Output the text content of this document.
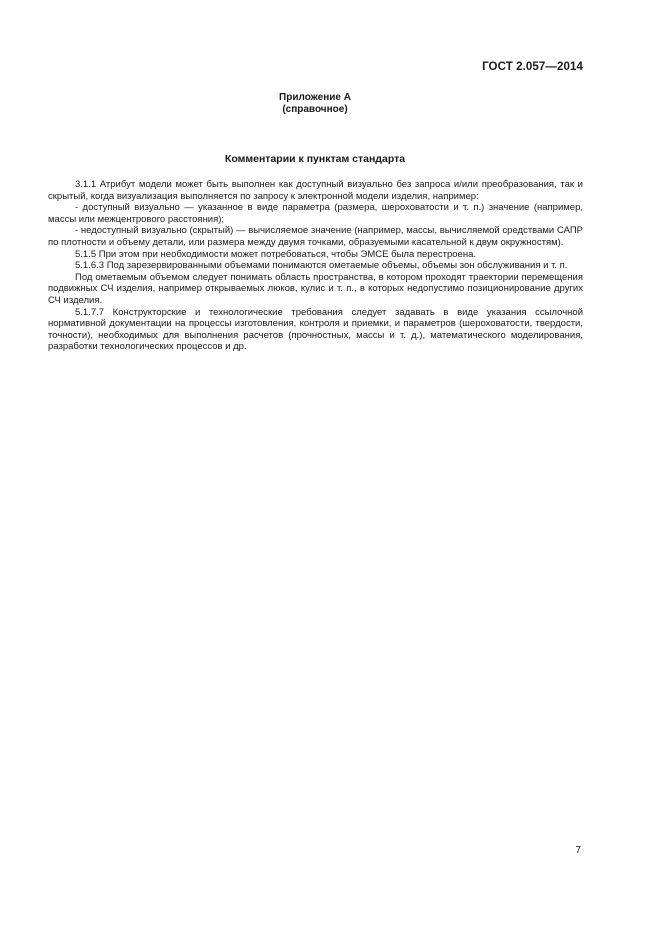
ГОСТ 2.057—2014
Приложение А
(справочное)
Комментарии к пунктам стандарта

3.1.1 Атрибут модели может быть выполнен как доступный визуально без запроса и/или преобразования, так и скрытый, когда визуализация выполняется по запросу к электронной модели изделия, например:

- доступный визуально — указанное в виде параметра (размера, шероховатости и т. п.) значение (например, массы или межцентрового расстояния);

- недоступный визуально (скрытый) — вычисляемое значение (например, массы, вычисляемой средствами САПР по плотности и объему детали, или размера между двумя точками, образуемыми касательной к двум окружностям).

5.1.5 При этом при необходимости может потребоваться, чтобы ЭМСЕ была перестроена.

5.1.6.3 Под зарезервированными объемами понимаются ометаемые объемы, объемы зон обслуживания и т. п.

Под ометаемым объемом следует понимать область пространства, в котором проходят траектории перемещения подвижных СЧ изделия, например открываемых люков, кулис и т. п., в которых недопустимо позиционирование других СЧ изделия.

5.1.7.7 Конструкторские и технологические требования следует задавать в виде указания ссылочной нормативной документации на процессы изготовления, контроля и приемки, и параметров (шероховатости, твердости, точности), необходимых для выполнения расчетов (прочностных, массы и т. д.), математического моделирования, разработки технологических процессов и др.

7
